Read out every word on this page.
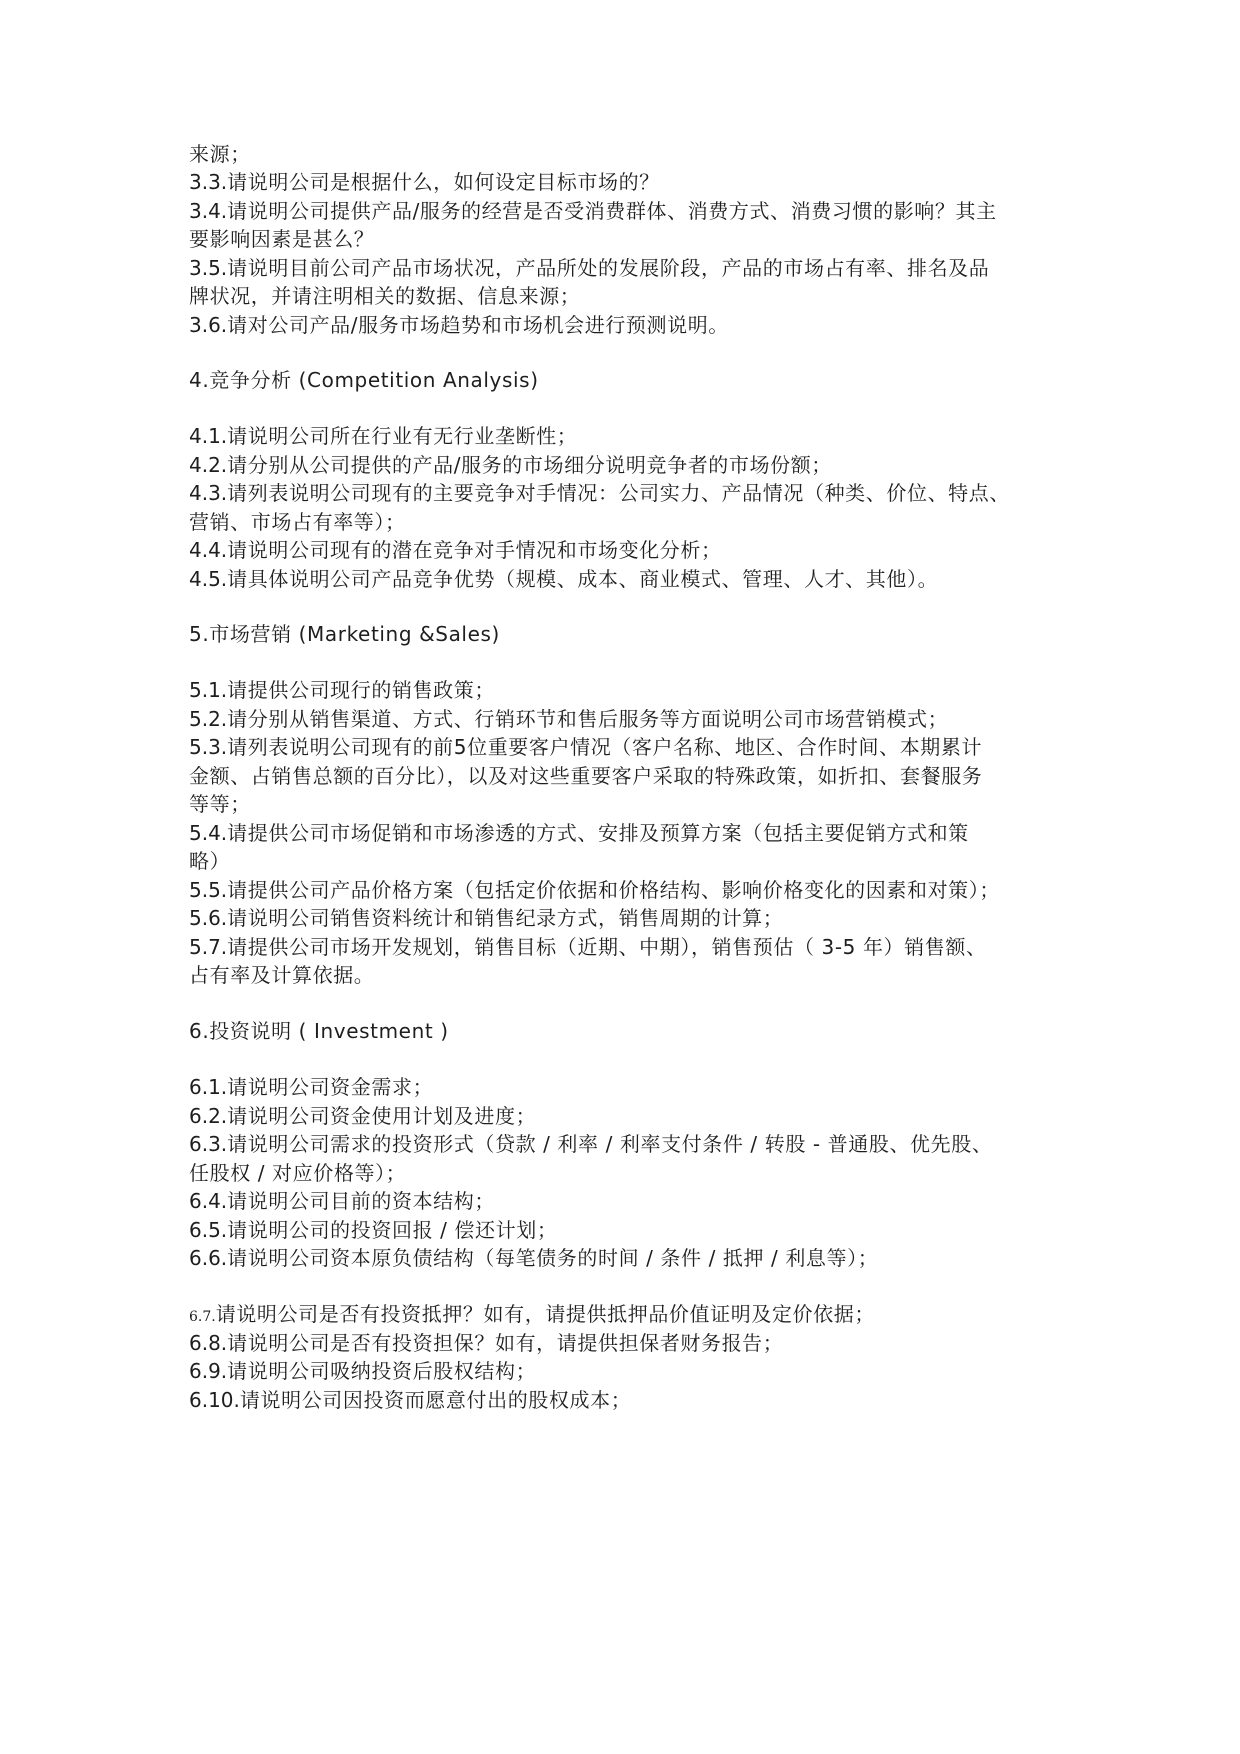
来源；
3.3.请说明公司是根据什么，如何设定目标市场的？
3.4.请说明公司提供产品/服务的经营是否受消费群体、消费方式、消费习惯的影响？其主
要影响因素是甚么？
3.5.请说明目前公司产品市场状况，产品所处的发展阶段，产品的市场占有率、排名及品
牌状况，并请注明相关的数据、信息来源；
3.6.请对公司产品/服务市场趋势和市场机会进行预测说明。
4.竞争分析 (Competition Analysis)
4.1.请说明公司所在行业有无行业垄断性；
4.2.请分别从公司提供的产品/服务的市场细分说明竞争者的市场份额；
4.3.请列表说明公司现有的主要竞争对手情况：公司实力、产品情况（种类、价位、特点、
营销、市场占有率等）；
4.4.请说明公司现有的潜在竞争对手情况和市场变化分析；
4.5.请具体说明公司产品竞争优势（规模、成本、商业模式、管理、人才、其他）。
5.市场营销 (Marketing &Sales)
5.1.请提供公司现行的销售政策；
5.2.请分别从销售渠道、方式、行销环节和售后服务等方面说明公司市场营销模式；
5.3.请列表说明公司现有的前5位重要客户情况（客户名称、地区、合作时间、本期累计
金额、占销售总额的百分比），以及对这些重要客户采取的特殊政策，如折扣、套餐服务
等等；
5.4.请提供公司市场促销和市场渗透的方式、安排及预算方案（包括主要促销方式和策
略）
5.5.请提供公司产品价格方案（包括定价依据和价格结构、影响价格变化的因素和对策）；
5.6.请说明公司销售资料统计和销售纪录方式，销售周期的计算；
5.7.请提供公司市场开发规划，销售目标（近期、中期），销售预估（ 3-5 年）销售额、
占有率及计算依据。
6.投资说明 ( Investment )
6.1.请说明公司资金需求；
6.2.请说明公司资金使用计划及进度；
6.3.请说明公司需求的投资形式（贷款 / 利率 / 利率支付条件 / 转股 - 普通股、优先股、
任股权 / 对应价格等）；
6.4.请说明公司目前的资本结构；
6.5.请说明公司的投资回报 / 偿还计划；
6.6.请说明公司资本原负债结构（每笔债务的时间 / 条件 / 抵押 / 利息等）；
6.7.请说明公司是否有投资抵押？如有，请提供抵押品价值证明及定价依据；
6.8.请说明公司是否有投资担保？如有，请提供担保者财务报告；
6.9.请说明公司吸纳投资后股权结构；
6.10.请说明公司因投资而愿意付出的股权成本；
